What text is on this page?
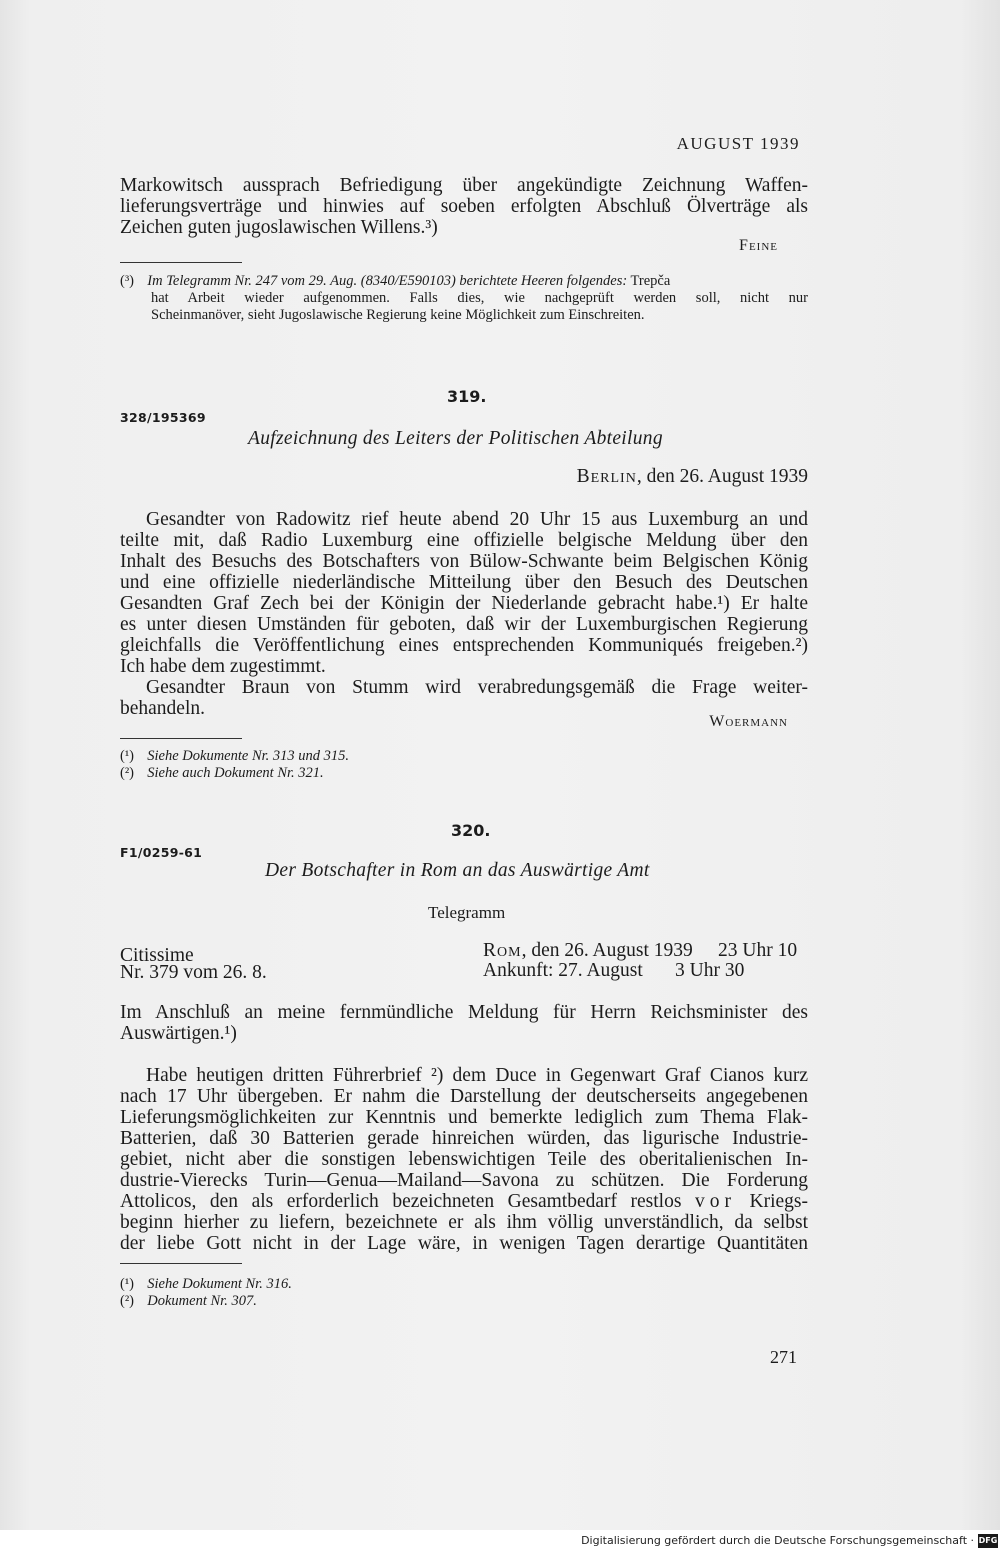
AUGUST 1939

Markowitsch aussprach Befriedigung über angekündigte Zeichnung Waffen-

lieferungsverträge und hinwies auf soeben erfolgten Abschluß Ölverträge als

Zeichen guten jugoslawischen Willens.³)

Feine

(³) Im Telegramm Nr. 247 vom 29. Aug. (8340/E590103) berichtete Heeren folgendes: Trepča

hat Arbeit wieder aufgenommen. Falls dies, wie nachgeprüft werden soll, nicht nur

Scheinmanöver, sieht Jugoslawische Regierung keine Möglichkeit zum Einschreiten.

319.

328/195369

Aufzeichnung des Leiters der Politischen Abteilung

Berlin, den 26. August 1939

Gesandter von Radowitz rief heute abend 20 Uhr 15 aus Luxemburg an und

teilte mit, daß Radio Luxemburg eine offizielle belgische Meldung über den

Inhalt des Besuchs des Botschafters von Bülow-Schwante beim Belgischen König

und eine offizielle niederländische Mitteilung über den Besuch des Deutschen

Gesandten Graf Zech bei der Königin der Niederlande gebracht habe.¹) Er halte

es unter diesen Umständen für geboten, daß wir der Luxemburgischen Regierung

gleichfalls die Veröffentlichung eines entsprechenden Kommuniqués freigeben.²)

Ich habe dem zugestimmt.

Gesandter Braun von Stumm wird verabredungsgemäß die Frage weiter-

behandeln.

Woermann

(¹) Siehe Dokumente Nr. 313 und 315.

(²) Siehe auch Dokument Nr. 321.

320.

F1/0259-61

Der Botschafter in Rom an das Auswärtige Amt

Telegramm

Citissime

Nr. 379 vom 26. 8.

Rom, den 26. August 1939 23 Uhr 10

Ankunft: 27. August 3 Uhr 30

Im Anschluß an meine fernmündliche Meldung für Herrn Reichsminister des

Auswärtigen.¹)

Habe heutigen dritten Führerbrief ²) dem Duce in Gegenwart Graf Cianos kurz

nach 17 Uhr übergeben. Er nahm die Darstellung der deutscherseits angegebenen

Lieferungsmöglichkeiten zur Kenntnis und bemerkte lediglich zum Thema Flak-

Batterien, daß 30 Batterien gerade hinreichen würden, das ligurische Industrie-

gebiet, nicht aber die sonstigen lebenswichtigen Teile des oberitalienischen In-

dustrie-Vierecks Turin—Genua—Mailand—Savona zu schützen. Die Forderung

Attolicos, den als erforderlich bezeichneten Gesamtbedarf restlos vor Kriegs-

beginn hierher zu liefern, bezeichnete er als ihm völlig unverständlich, da selbst

der liebe Gott nicht in der Lage wäre, in wenigen Tagen derartige Quantitäten

(¹) Siehe Dokument Nr. 316.

(²) Dokument Nr. 307.

271

Digitalisierung gefördert durch die Deutsche Forschungsgemeinschaft · DFG
